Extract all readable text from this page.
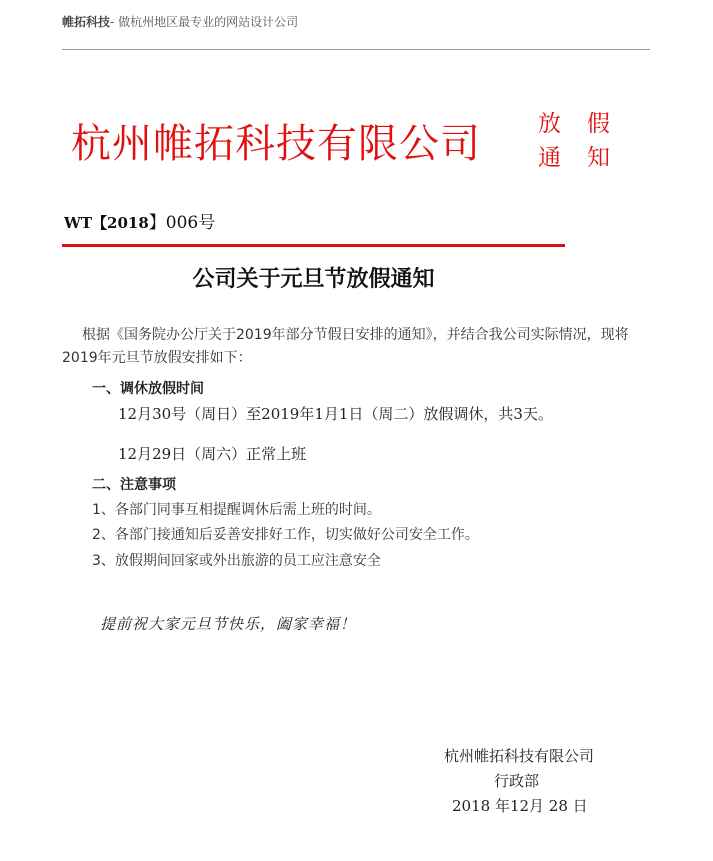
帷拓科技- 做杭州地区最专业的网站设计公司
杭州帷拓科技有限公司 放假
通知
WT【2018】006号
公司关于元旦节放假通知
根据《国务院办公厅关于2019年部分节假日安排的通知》，并结合我公司实际情况，现将2019年元旦节放假安排如下：
一、调休放假时间
12月30号（周日）至2019年1月1日（周二）放假调休，共3天。
12月29日（周六）正常上班
二、注意事项
1、各部门同事互相提醒调休后需上班的时间。
2、各部门接通知后妥善安排好工作，切实做好公司安全工作。
3、放假期间回家或外出旅游的员工应注意安全
提前祝大家元旦节快乐，阖家幸福！
杭州帷拓科技有限公司
行政部
2018 年12月 28 日
